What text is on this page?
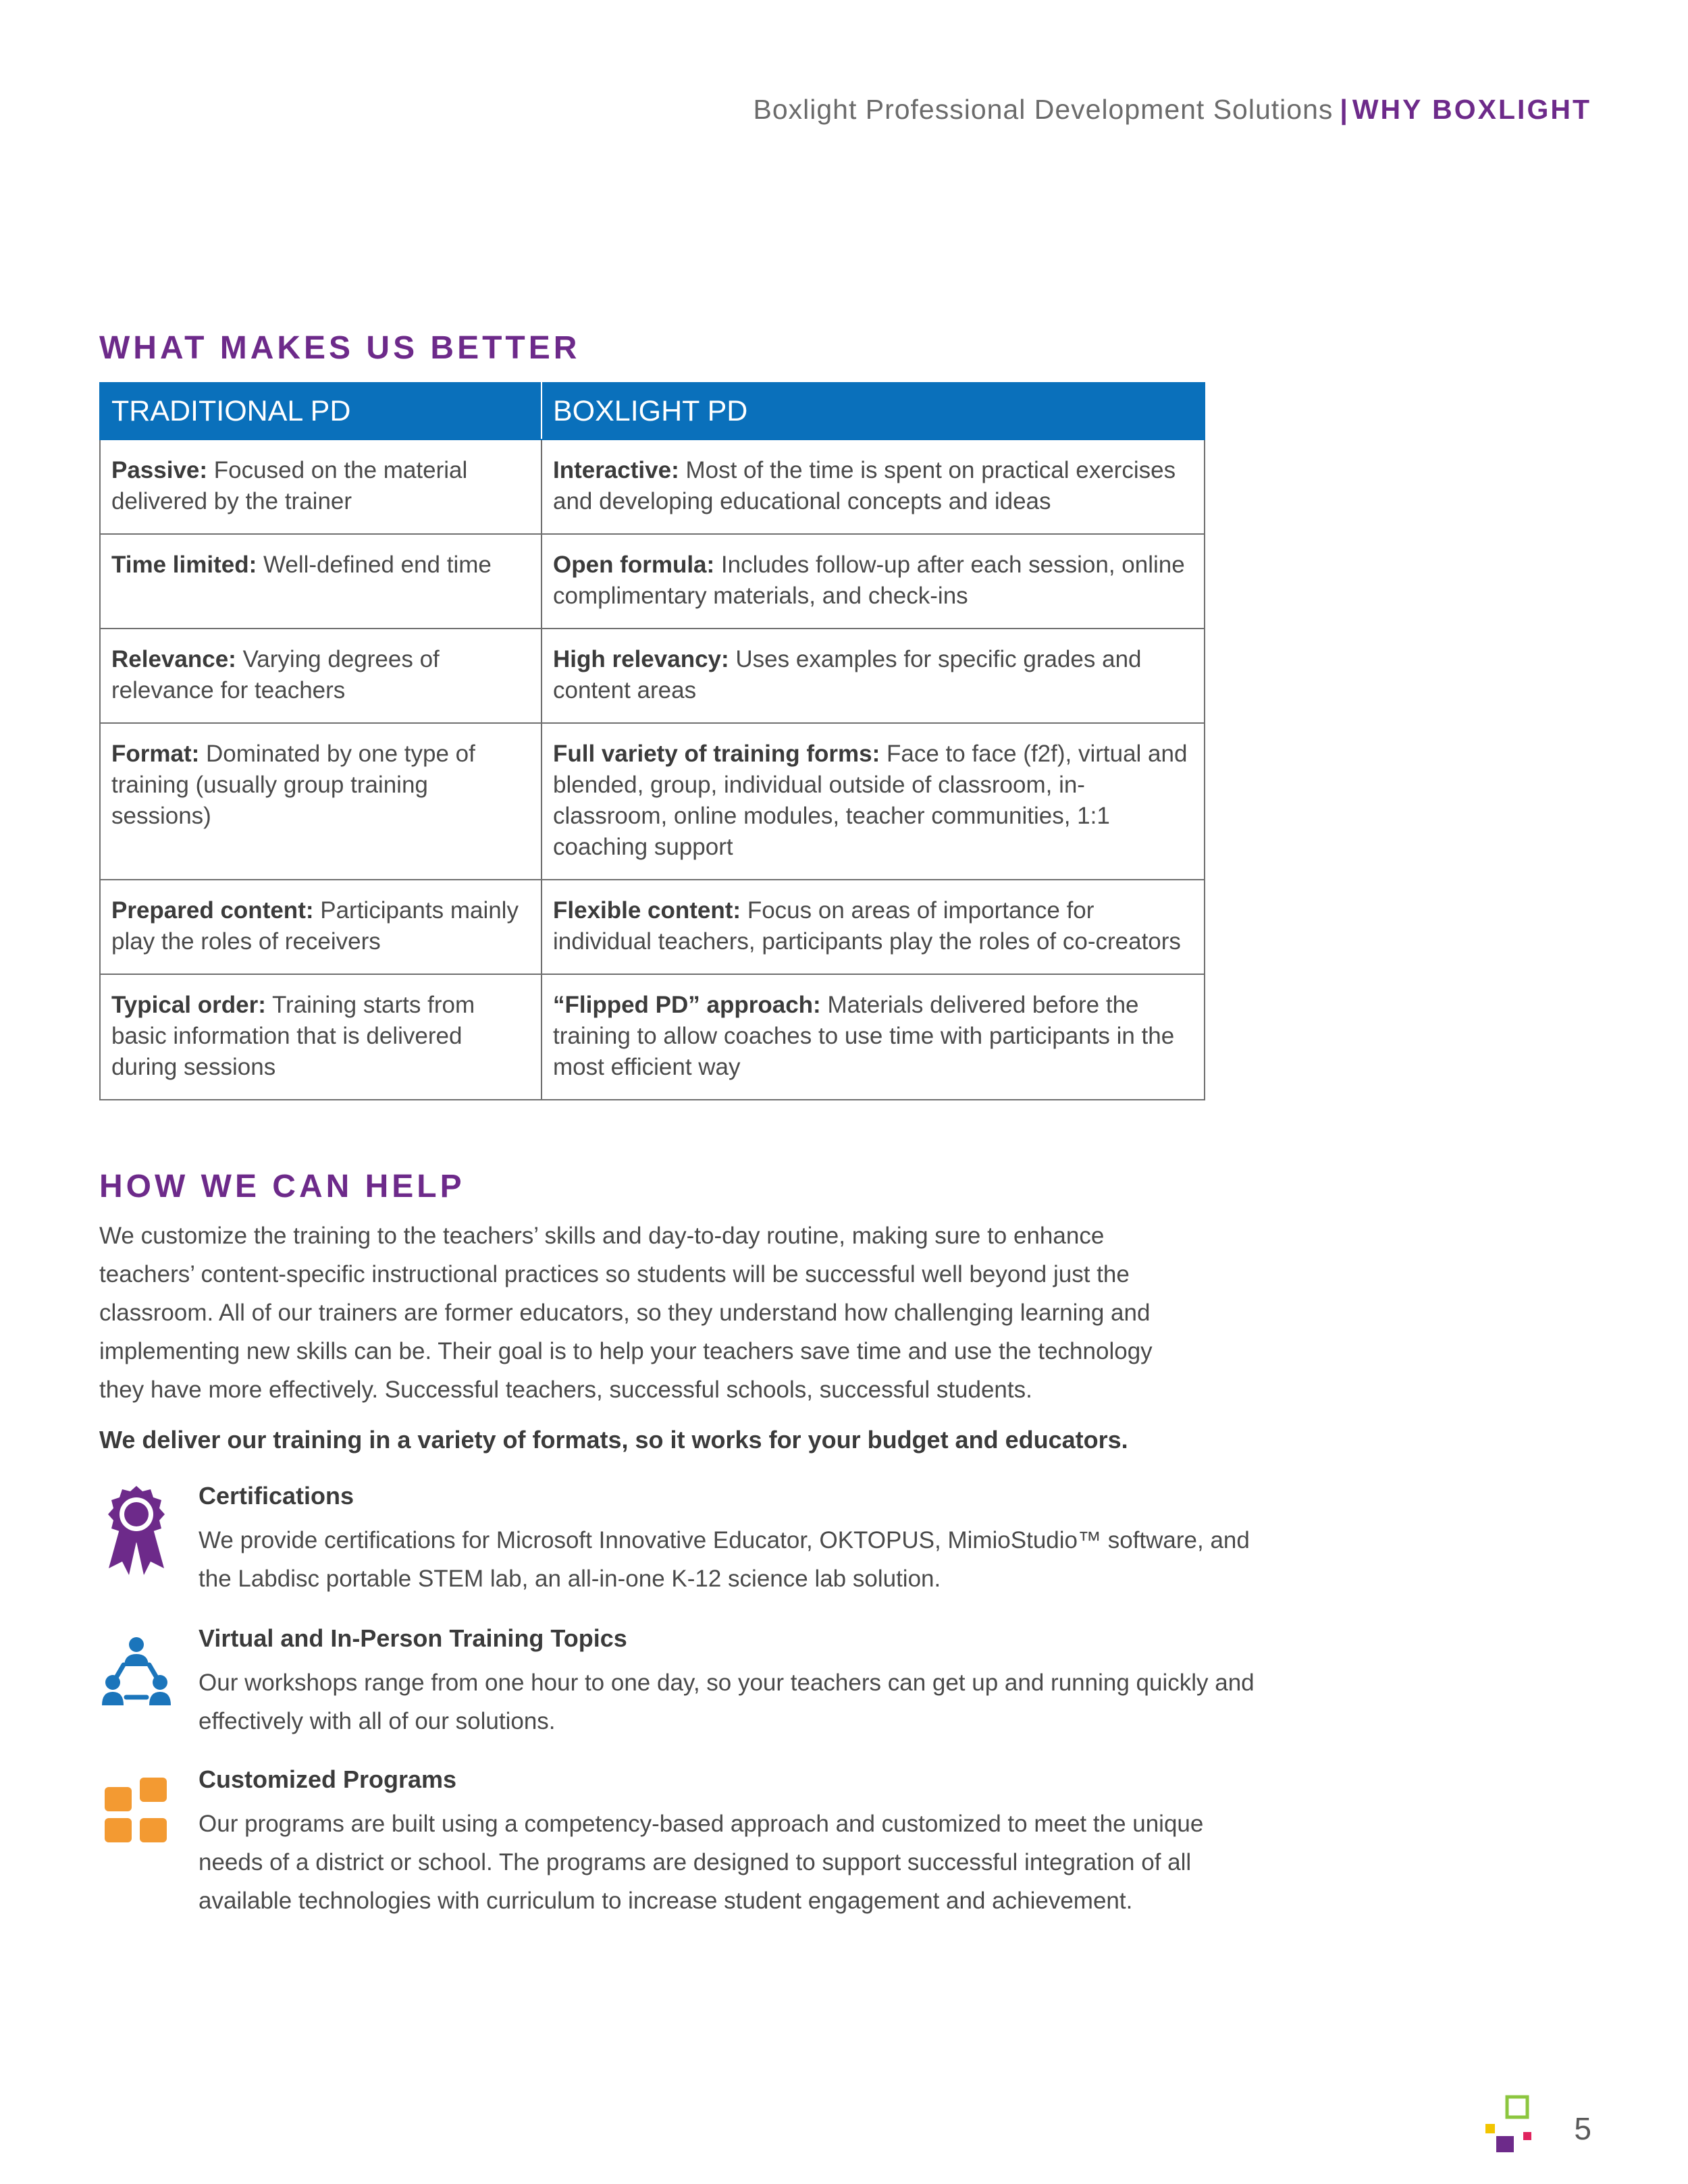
Boxlight Professional Development Solutions | WHY BOXLIGHT
WHAT MAKES US BETTER
TRADITIONAL PD	BOXLIGHT PD
Passive: Focused on the material delivered by the trainer	Interactive: Most of the time is spent on practical exercises and developing educational concepts and ideas
Time limited: Well-defined end time	Open formula: Includes follow-up after each session, online complimentary materials, and check-ins
Relevance: Varying degrees of relevance for teachers	High relevancy: Uses examples for specific grades and content areas
Format: Dominated by one type of training (usually group training sessions)	Full variety of training forms: Face to face (f2f), virtual and blended, group, individual outside of classroom, in-classroom, online modules, teacher communities, 1:1 coaching support
Prepared content: Participants mainly play the roles of receivers	Flexible content: Focus on areas of importance for individual teachers, participants play the roles of co-creators
Typical order: Training starts from basic information that is delivered during sessions	“Flipped PD” approach: Materials delivered before the training to allow coaches to use time with participants in the most efficient way
HOW WE CAN HELP

We customize the training to the teachers’ skills and day-to-day routine, making sure to enhance teachers’ content-specific instructional practices so students will be successful well beyond just the classroom. All of our trainers are former educators, so they understand how challenging learning and implementing new skills can be. Their goal is to help your teachers save time and use the technology they have more effectively. Successful teachers, successful schools, successful students.

We deliver our training in a variety of formats, so it works for your budget and educators.

Certifications

We provide certifications for Microsoft Innovative Educator, OKTOPUS, MimioStudio™ software, and the Labdisc portable STEM lab, an all-in-one K-12 science lab solution.

Virtual and In-Person Training Topics

Our workshops range from one hour to one day, so your teachers can get up and running quickly and effectively with all of our solutions.

Customized Programs

Our programs are built using a competency-based approach and customized to meet the unique needs of a district or school. The programs are designed to support successful integration of all available technologies with curriculum to increase student engagement and achievement.

5
